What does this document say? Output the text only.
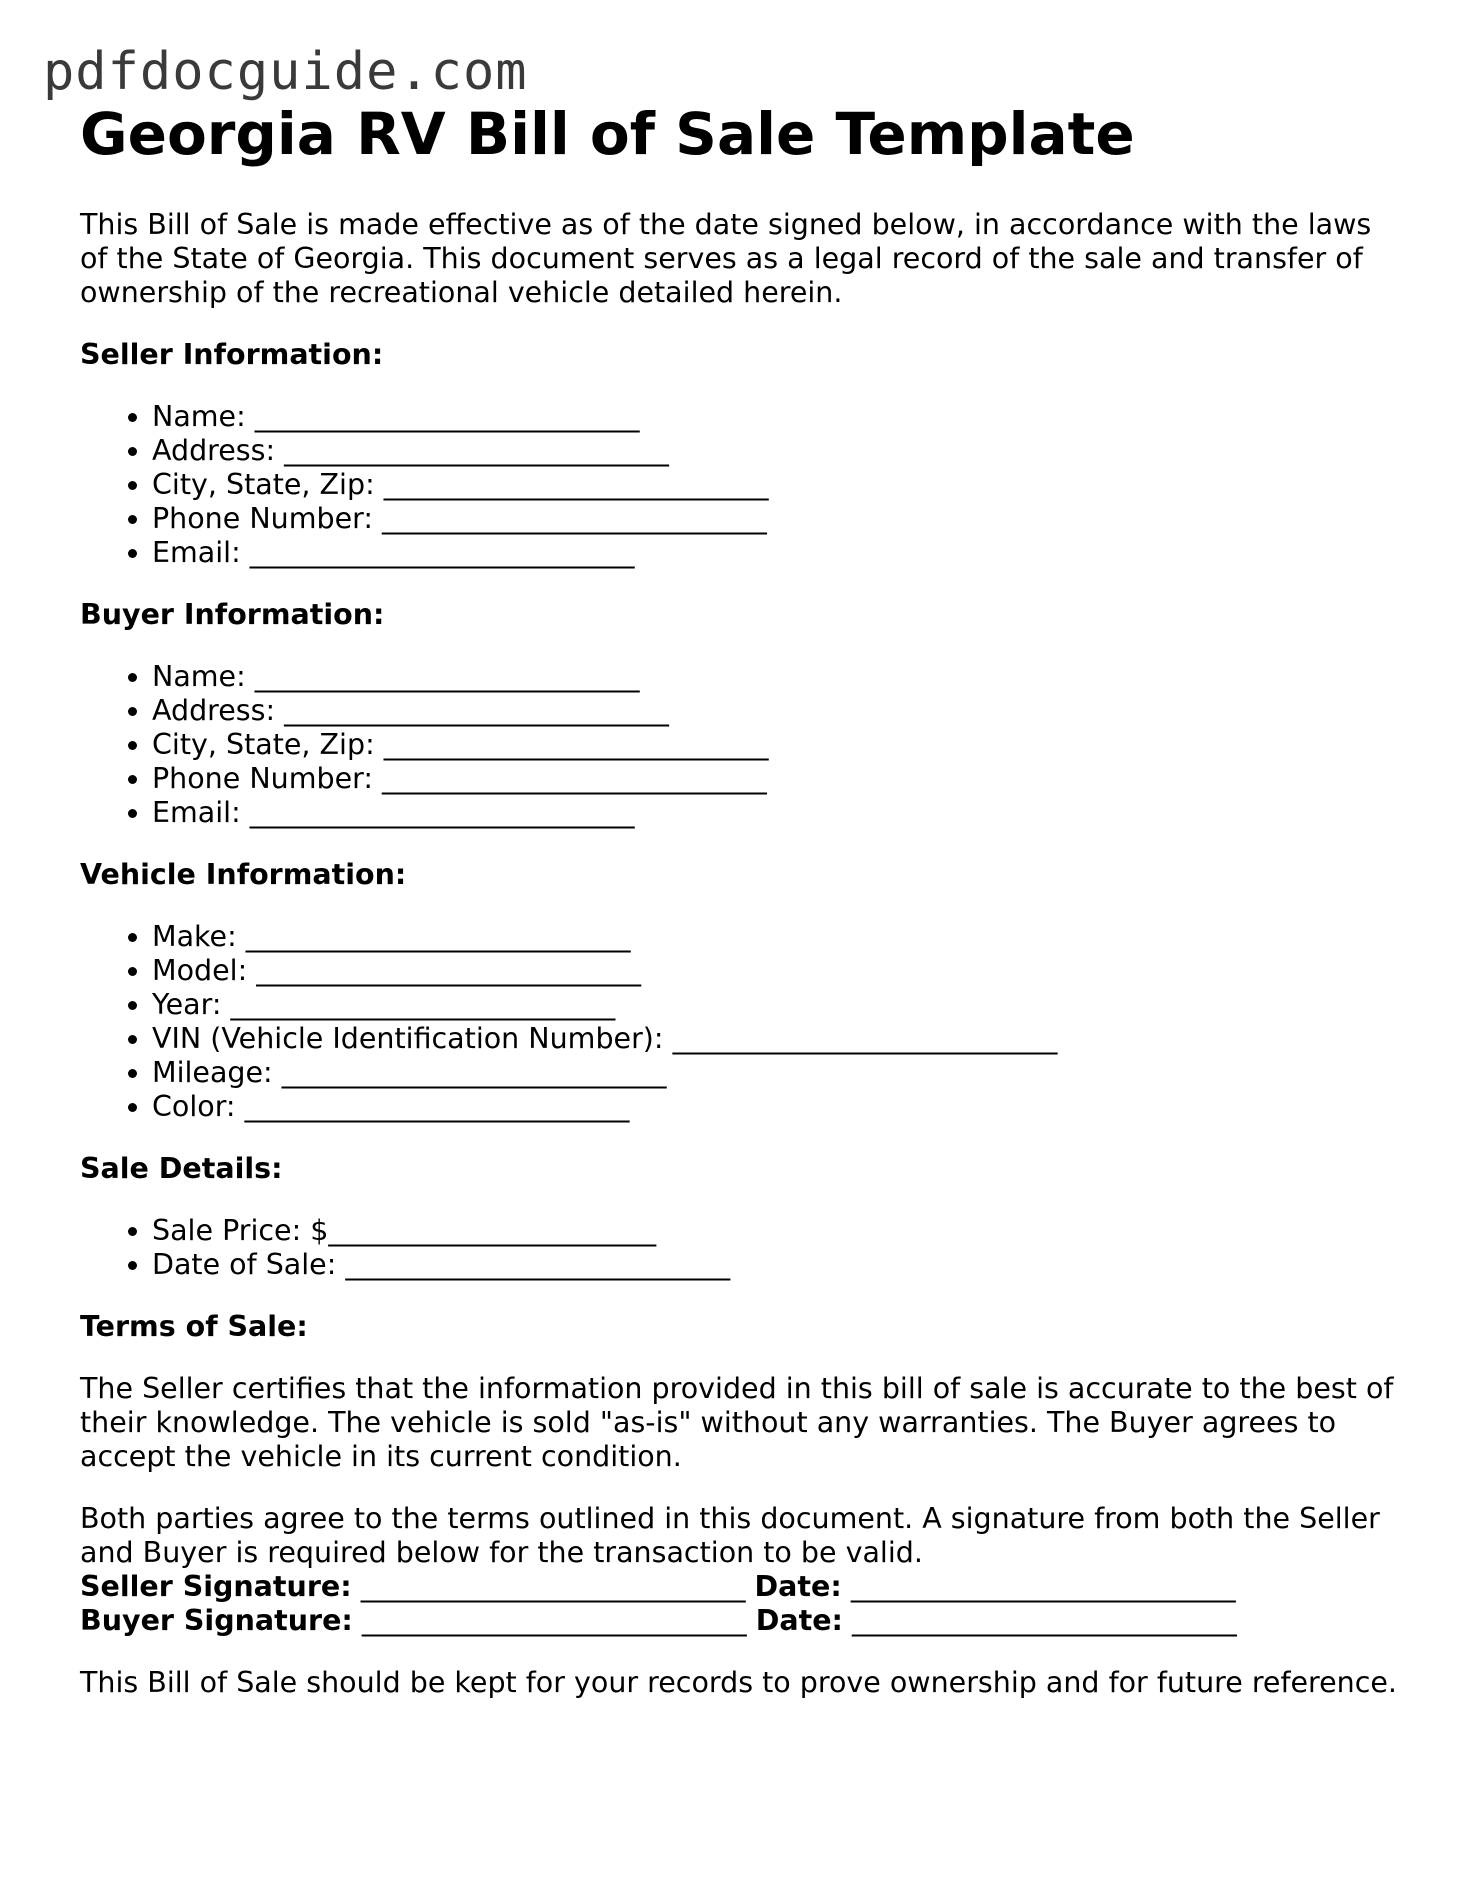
pdfdocguide.com
Georgia RV Bill of Sale Template

This Bill of Sale is made effective as of the date signed below, in accordance with the laws of the State of Georgia. This document serves as a legal record of the sale and transfer of ownership of the recreational vehicle detailed herein.

Seller Information:
• Name: ___________________________
• Address: ___________________________
• City, State, Zip: ___________________________
• Phone Number: ___________________________
• Email: ___________________________
Buyer Information:
• Name: ___________________________
• Address: ___________________________
• City, State, Zip: ___________________________
• Phone Number: ___________________________
• Email: ___________________________
Vehicle Information:
• Make: ___________________________
• Model: ___________________________
• Year: ___________________________
• VIN (Vehicle Identification Number): ___________________________
• Mileage: ___________________________
• Color: ___________________________
Sale Details:
• Sale Price: $_______________________
• Date of Sale: ___________________________
Terms of Sale:

The Seller certifies that the information provided in this bill of sale is accurate to the best of their knowledge. The vehicle is sold "as-is" without any warranties. The Buyer agrees to accept the vehicle in its current condition.

Both parties agree to the terms outlined in this document. A signature from both the Seller and Buyer is required below for the transaction to be valid.

Seller Signature: ___________________________ Date: ___________________________
Buyer Signature: ___________________________ Date: ___________________________

This Bill of Sale should be kept for your records to prove ownership and for future reference.
